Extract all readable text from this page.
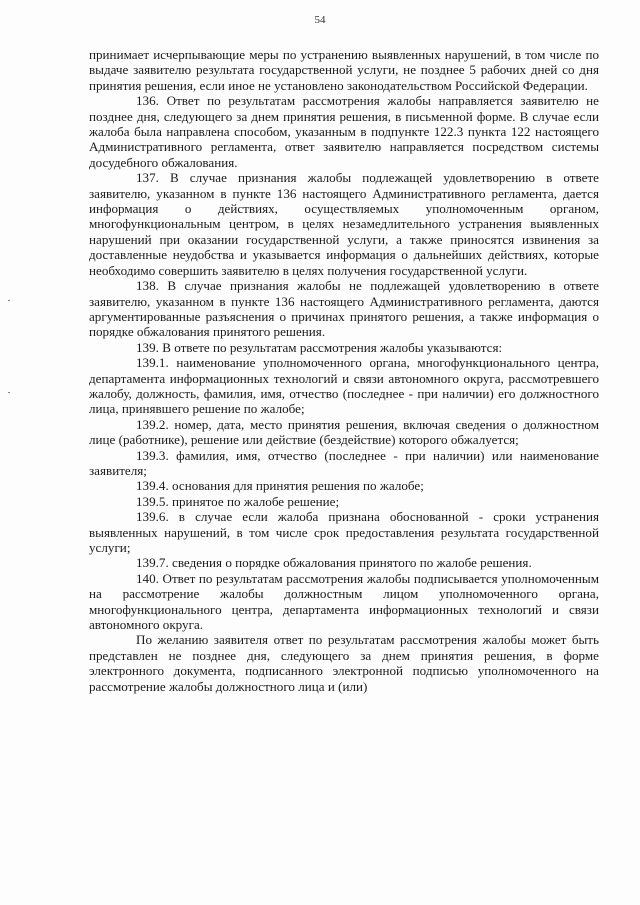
54

принимает исчерпывающие меры по устранению выявленных нарушений, в том числе по выдаче заявителю результата государственной услуги, не позднее 5 рабочих дней со дня принятия решения, если иное не установлено законодательством Российской Федерации.

136. Ответ по результатам рассмотрения жалобы направляется заявителю не позднее дня, следующего за днем принятия решения, в письменной форме. В случае если жалоба была направлена способом, указанным в подпункте 122.3 пункта 122 настоящего Административного регламента, ответ заявителю направляется посредством системы досудебного обжалования.

137. В случае признания жалобы подлежащей удовлетворению в ответе заявителю, указанном в пункте 136 настоящего Административного регламента, дается информация о действиях, осуществляемых уполномоченным органом, многофункциональным центром, в целях незамедлительного устранения выявленных нарушений при оказании государственной услуги, а также приносятся извинения за доставленные неудобства и указывается информация о дальнейших действиях, которые необходимо совершить заявителю в целях получения государственной услуги.

138. В случае признания жалобы не подлежащей удовлетворению в ответе заявителю, указанном в пункте 136 настоящего Административного регламента, даются аргументированные разъяснения о причинах принятого решения, а также информация о порядке обжалования принятого решения.

139. В ответе по результатам рассмотрения жалобы указываются:

139.1. наименование уполномоченного органа, многофункционального центра, департамента информационных технологий и связи автономного округа, рассмотревшего жалобу, должность, фамилия, имя, отчество (последнее - при наличии) его должностного лица, принявшего решение по жалобе;

139.2. номер, дата, место принятия решения, включая сведения о должностном лице (работнике), решение или действие (бездействие) которого обжалуется;

139.3. фамилия, имя, отчество (последнее - при наличии) или наименование заявителя;

139.4. основания для принятия решения по жалобе;

139.5. принятое по жалобе решение;

139.6. в случае если жалоба признана обоснованной - сроки устранения выявленных нарушений, в том числе срок предоставления результата государственной услуги;

139.7. сведения о порядке обжалования принятого по жалобе решения.

140. Ответ по результатам рассмотрения жалобы подписывается уполномоченным на рассмотрение жалобы должностным лицом уполномоченного органа, многофункционального центра, департамента информационных технологий и связи автономного округа.

По желанию заявителя ответ по результатам рассмотрения жалобы может быть представлен не позднее дня, следующего за днем принятия решения, в форме электронного документа, подписанного электронной подписью уполномоченного на рассмотрение жалобы должностного лица и (или)
